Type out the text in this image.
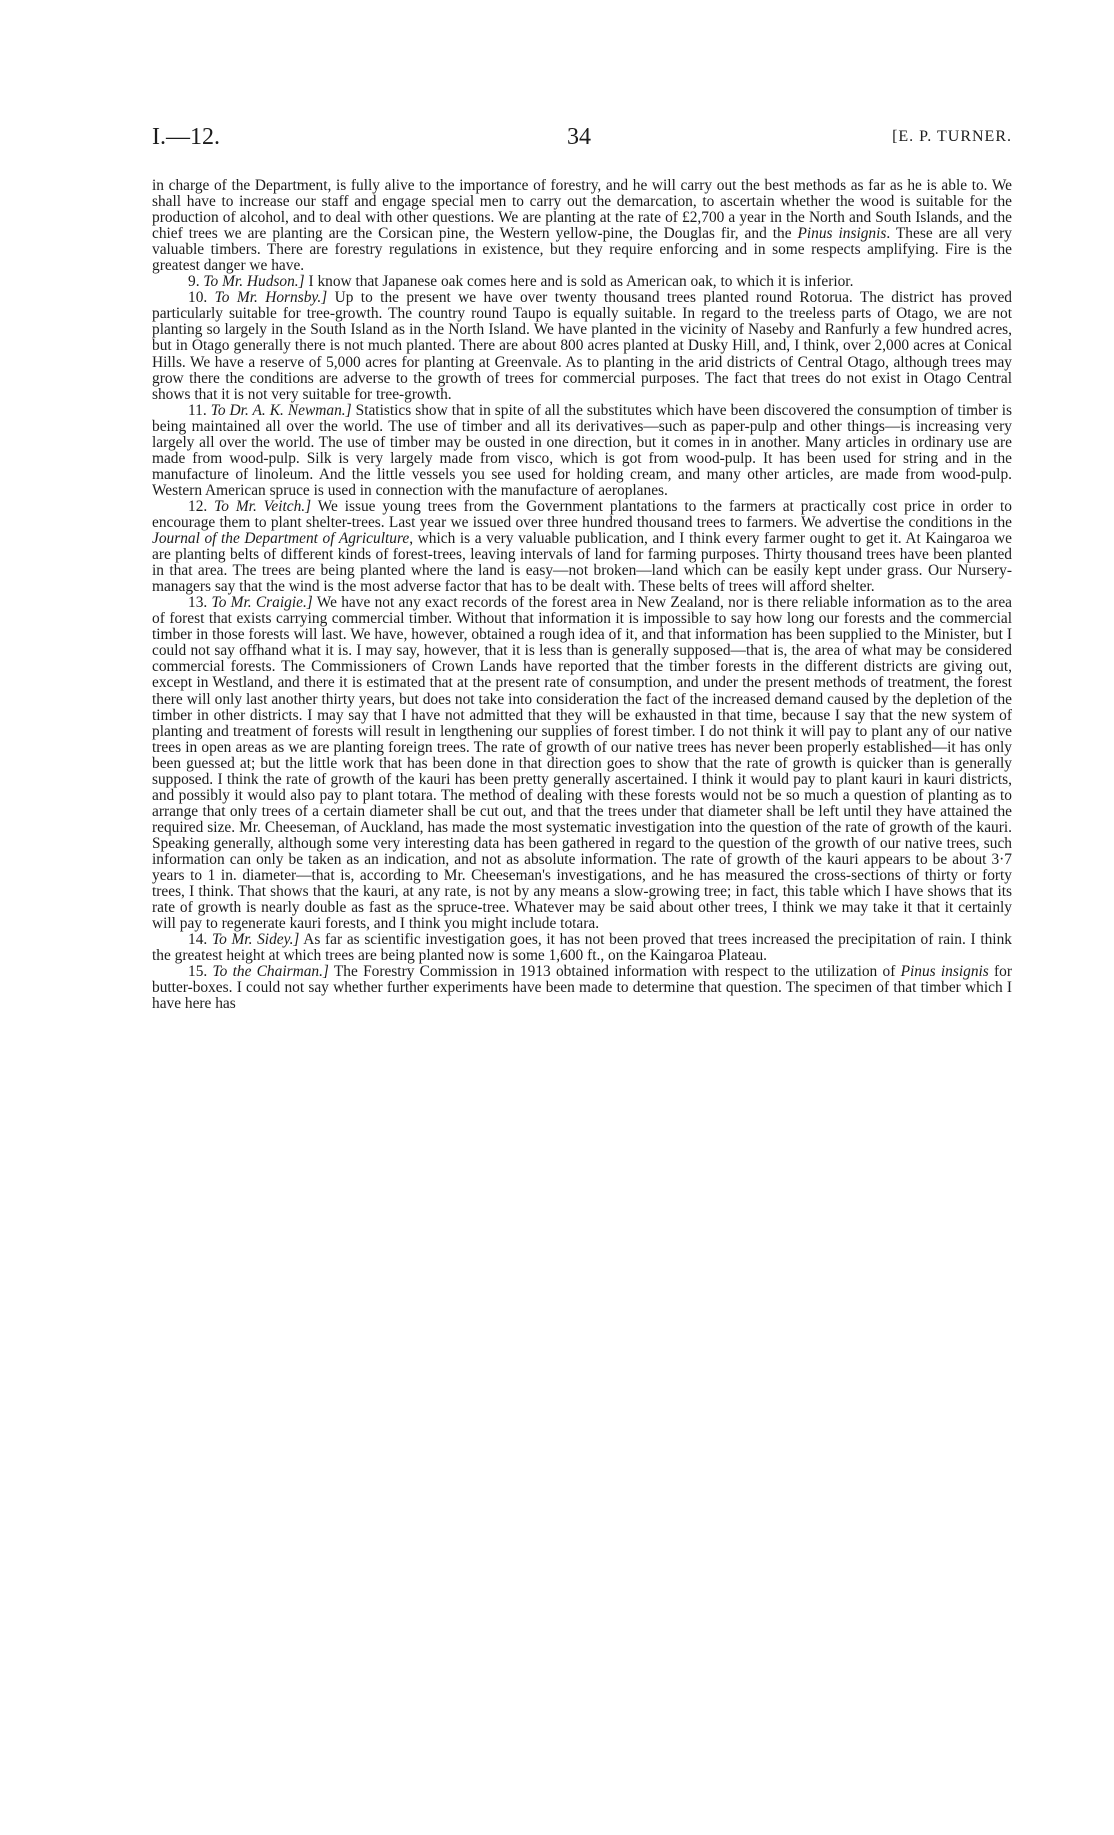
I.—12.	34	[E. P. TURNER.

in charge of the Department, is fully alive to the importance of forestry, and he will carry out the best methods as far as he is able to. We shall have to increase our staff and engage special men to carry out the demarcation, to ascertain whether the wood is suitable for the production of alcohol, and to deal with other questions. We are planting at the rate of £2,700 a year in the North and South Islands, and the chief trees we are planting are the Corsican pine, the Western yellow-pine, the Douglas fir, and the Pinus insignis. These are all very valuable timbers. There are forestry regulations in existence, but they require enforcing and in some respects amplifying. Fire is the greatest danger we have.

9. To Mr. Hudson.] I know that Japanese oak comes here and is sold as American oak, to which it is inferior.

10. To Mr. Hornsby.] Up to the present we have over twenty thousand trees planted round Rotorua. The district has proved particularly suitable for tree-growth. The country round Taupo is equally suitable. In regard to the treeless parts of Otago, we are not planting so largely in the South Island as in the North Island. We have planted in the vicinity of Naseby and Ranfurly a few hundred acres, but in Otago generally there is not much planted. There are about 800 acres planted at Dusky Hill, and, I think, over 2,000 acres at Conical Hills. We have a reserve of 5,000 acres for planting at Greenvale. As to planting in the arid districts of Central Otago, although trees may grow there the conditions are adverse to the growth of trees for commercial purposes. The fact that trees do not exist in Otago Central shows that it is not very suitable for tree-growth.

11. To Dr. A. K. Newman.] Statistics show that in spite of all the substitutes which have been discovered the consumption of timber is being maintained all over the world. The use of timber and all its derivatives—such as paper-pulp and other things—is increasing very largely all over the world. The use of timber may be ousted in one direction, but it comes in in another. Many articles in ordinary use are made from wood-pulp. Silk is very largely made from visco, which is got from wood-pulp. It has been used for string and in the manufacture of linoleum. And the little vessels you see used for holding cream, and many other articles, are made from wood-pulp. Western American spruce is used in connection with the manufacture of aeroplanes.

12. To Mr. Veitch.] We issue young trees from the Government plantations to the farmers at practically cost price in order to encourage them to plant shelter-trees. Last year we issued over three hundred thousand trees to farmers. We advertise the conditions in the Journal of the Department of Agriculture, which is a very valuable publication, and I think every farmer ought to get it. At Kaingaroa we are planting belts of different kinds of forest-trees, leaving intervals of land for farming purposes. Thirty thousand trees have been planted in that area. The trees are being planted where the land is easy—not broken—land which can be easily kept under grass. Our Nursery-managers say that the wind is the most adverse factor that has to be dealt with. These belts of trees will afford shelter.

13. To Mr. Craigie.] We have not any exact records of the forest area in New Zealand, nor is there reliable information as to the area of forest that exists carrying commercial timber. Without that information it is impossible to say how long our forests and the commercial timber in those forests will last. We have, however, obtained a rough idea of it, and that information has been supplied to the Minister, but I could not say offhand what it is. I may say, however, that it is less than is generally supposed—that is, the area of what may be considered commercial forests. The Commissioners of Crown Lands have reported that the timber forests in the different districts are giving out, except in Westland, and there it is estimated that at the present rate of consumption, and under the present methods of treatment, the forest there will only last another thirty years, but does not take into consideration the fact of the increased demand caused by the depletion of the timber in other districts. I may say that I have not admitted that they will be exhausted in that time, because I say that the new system of planting and treatment of forests will result in lengthening our supplies of forest timber. I do not think it will pay to plant any of our native trees in open areas as we are planting foreign trees. The rate of growth of our native trees has never been properly established—it has only been guessed at; but the little work that has been done in that direction goes to show that the rate of growth is quicker than is generally supposed. I think the rate of growth of the kauri has been pretty generally ascertained. I think it would pay to plant kauri in kauri districts, and possibly it would also pay to plant totara. The method of dealing with these forests would not be so much a question of planting as to arrange that only trees of a certain diameter shall be cut out, and that the trees under that diameter shall be left until they have attained the required size. Mr. Cheeseman, of Auckland, has made the most systematic investigation into the question of the rate of growth of the kauri. Speaking generally, although some very interesting data has been gathered in regard to the question of the growth of our native trees, such information can only be taken as an indication, and not as absolute information. The rate of growth of the kauri appears to be about 3·7 years to 1 in. diameter—that is, according to Mr. Cheeseman's investigations, and he has measured the cross-sections of thirty or forty trees, I think. That shows that the kauri, at any rate, is not by any means a slow-growing tree; in fact, this table which I have shows that its rate of growth is nearly double as fast as the spruce-tree. Whatever may be said about other trees, I think we may take it that it certainly will pay to regenerate kauri forests, and I think you might include totara.

14. To Mr. Sidey.] As far as scientific investigation goes, it has not been proved that trees increased the precipitation of rain. I think the greatest height at which trees are being planted now is some 1,600 ft., on the Kaingaroa Plateau.

15. To the Chairman.] The Forestry Commission in 1913 obtained information with respect to the utilization of Pinus insignis for butter-boxes. I could not say whether further experiments have been made to determine that question. The specimen of that timber which I have here has
